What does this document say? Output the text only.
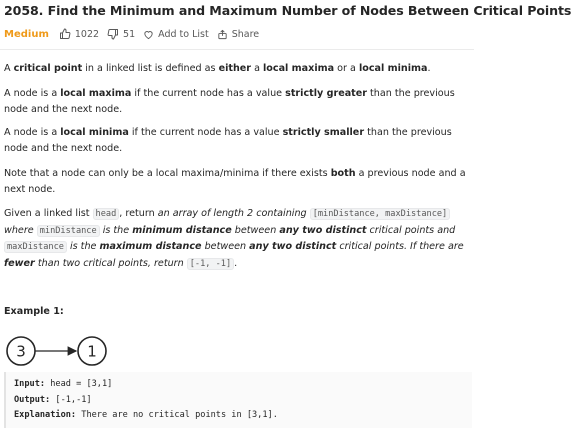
2058. Find the Minimum and Maximum Number of Nodes Between Critical Points
Medium	1022	51 Add to List Share

A critical point in a linked list is defined as either a local maxima or a local minima.

A node is a local maxima if the current node has a value strictly greater than the previous node and the next node.

A node is a local minima if the current node has a value strictly smaller than the previous node and the next node.

Note that a node can only be a local maxima/minima if there exists both a previous node and a next node.

Given a linked list head , return an array of length 2 containing [minDistance, maxDistance] where minDistance is the minimum distance between any two distinct critical points and maxDistance is the maximum distance between any two distinct critical points. If there are fewer than two critical points, return [-1, -1] .

Example 1:

3	1
Input: head = [3,1]
Output: [-1,-1]
Explanation: There are no critical points in [3,1].
